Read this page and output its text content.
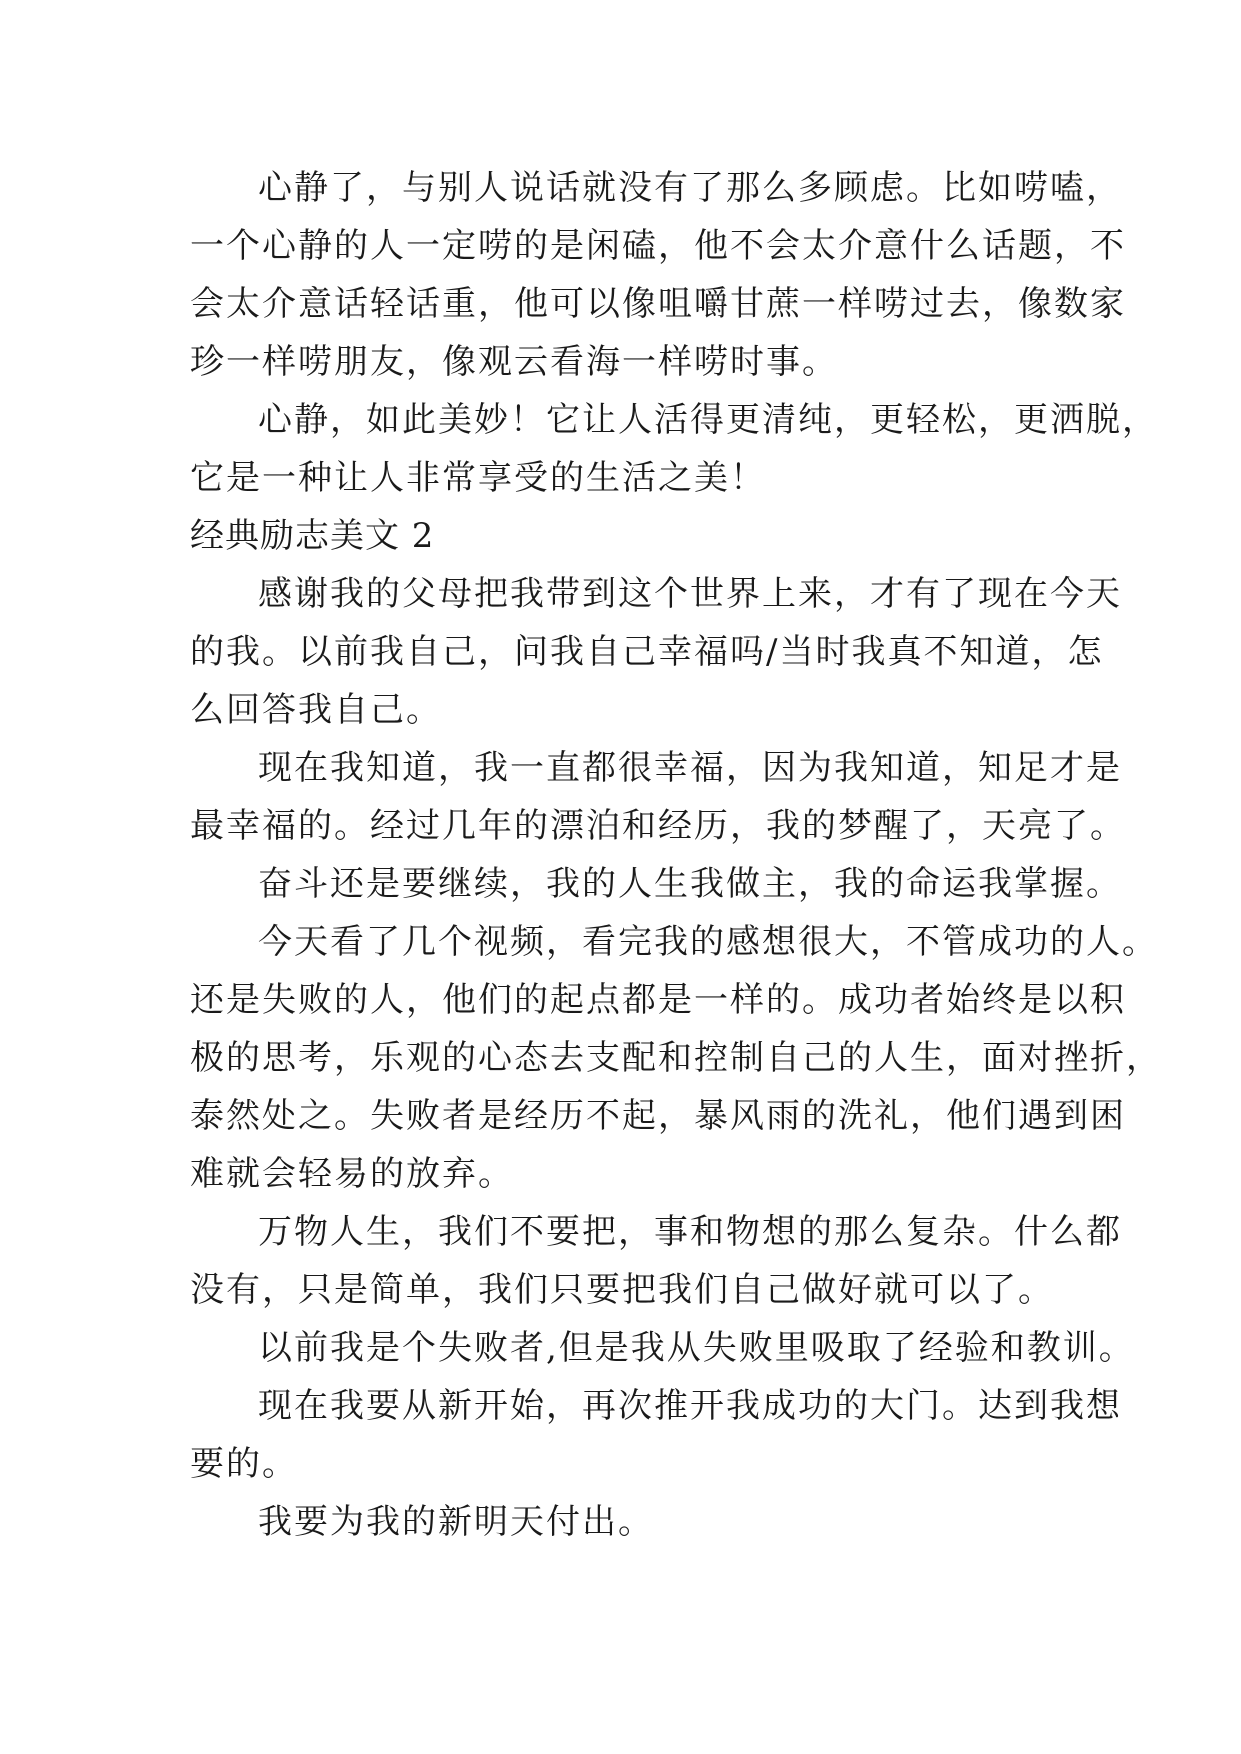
心静了，与别人说话就没有了那么多顾虑。比如唠嗑，
一个心静的人一定唠的是闲磕，他不会太介意什么话题，不
会太介意话轻话重，他可以像咀嚼甘蔗一样唠过去，像数家
珍一样唠朋友，像观云看海一样唠时事。
心静，如此美妙！它让人活得更清纯，更轻松，更洒脱，
它是一种让人非常享受的生活之美！
经典励志美文 2
感谢我的父母把我带到这个世界上来，才有了现在今天
的我。以前我自己，问我自己幸福吗/当时我真不知道，怎
么回答我自己。
现在我知道，我一直都很幸福，因为我知道，知足才是
最幸福的。经过几年的漂泊和经历，我的梦醒了，天亮了。
奋斗还是要继续，我的人生我做主，我的命运我掌握。
今天看了几个视频，看完我的感想很大，不管成功的人。
还是失败的人，他们的起点都是一样的。成功者始终是以积
极的思考，乐观的心态去支配和控制自己的人生，面对挫折，
泰然处之。失败者是经历不起，暴风雨的洗礼，他们遇到困
难就会轻易的放弃。
万物人生，我们不要把，事和物想的那么复杂。什么都
没有，只是简单，我们只要把我们自己做好就可以了。
以前我是个失败者,但是我从失败里吸取了经验和教训。
现在我要从新开始，再次推开我成功的大门。达到我想
要的。
我要为我的新明天付出。
